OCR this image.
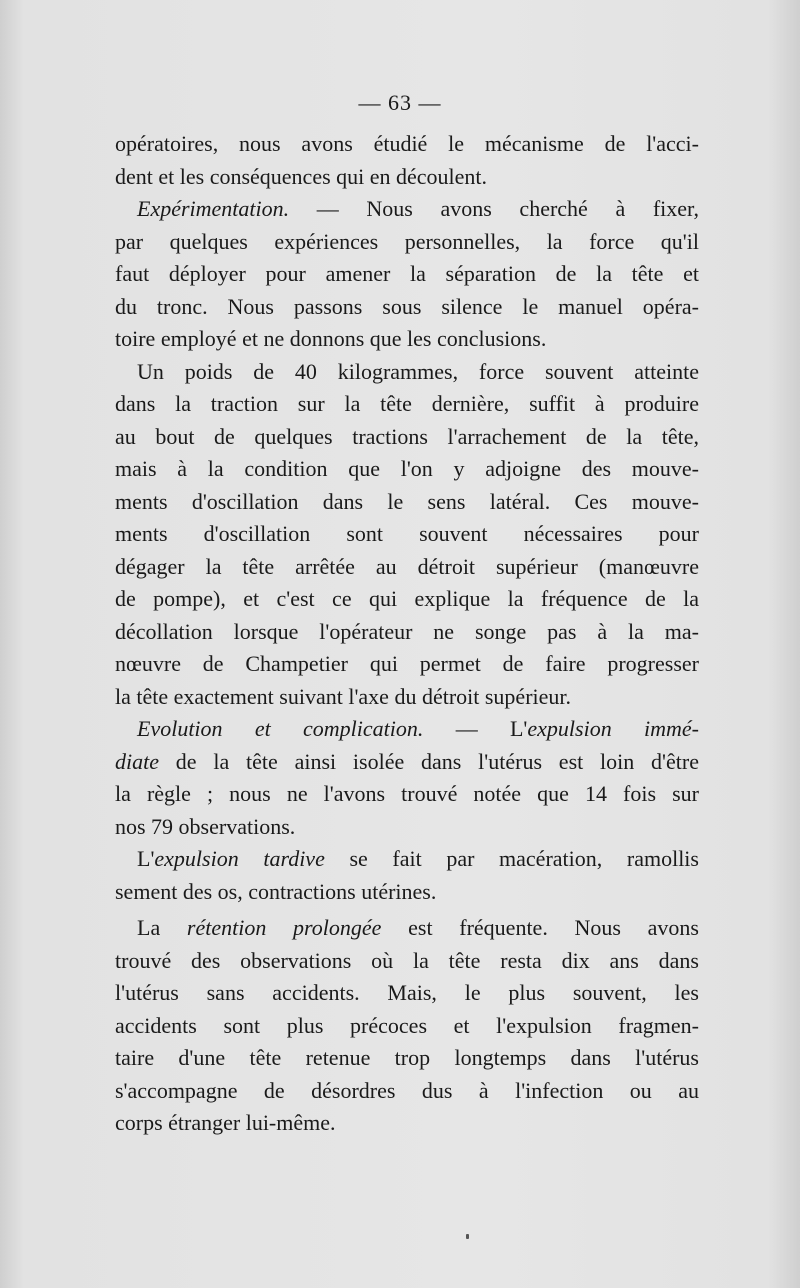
— 63 —
opératoires, nous avons étudié le mécanisme de l'acci-
dent et les conséquences qui en découlent.
Expérimentation. — Nous avons cherché à fixer,
par quelques expériences personnelles, la force qu'il
faut déployer pour amener la séparation de la tête et
du tronc. Nous passons sous silence le manuel opéra-
toire employé et ne donnons que les conclusions.
Un poids de 40 kilogrammes, force souvent atteinte
dans la traction sur la tête dernière, suffit à produire
au bout de quelques tractions l'arrachement de la tête,
mais à la condition que l'on y adjoigne des mouve-
ments d'oscillation dans le sens latéral. Ces mouve-
ments d'oscillation sont souvent nécessaires pour
dégager la tête arrêtée au détroit supérieur (manœuvre
de pompe), et c'est ce qui explique la fréquence de la
décollation lorsque l'opérateur ne songe pas à la ma-
nœuvre de Champetier qui permet de faire progresser
la tête exactement suivant l'axe du détroit supérieur.
Evolution et complication. — L'expulsion immé-
diate de la tête ainsi isolée dans l'utérus est loin d'être
la règle ; nous ne l'avons trouvé notée que 14 fois sur
nos 79 observations.
L'expulsion tardive se fait par macération, ramollis
sement des os, contractions utérines.
La rétention prolongée est fréquente. Nous avons
trouvé des observations où la tête resta dix ans dans
l'utérus sans accidents. Mais, le plus souvent, les
accidents sont plus précoces et l'expulsion fragmen-
taire d'une tête retenue trop longtemps dans l'utérus
s'accompagne de désordres dus à l'infection ou au
corps étranger lui-même.
